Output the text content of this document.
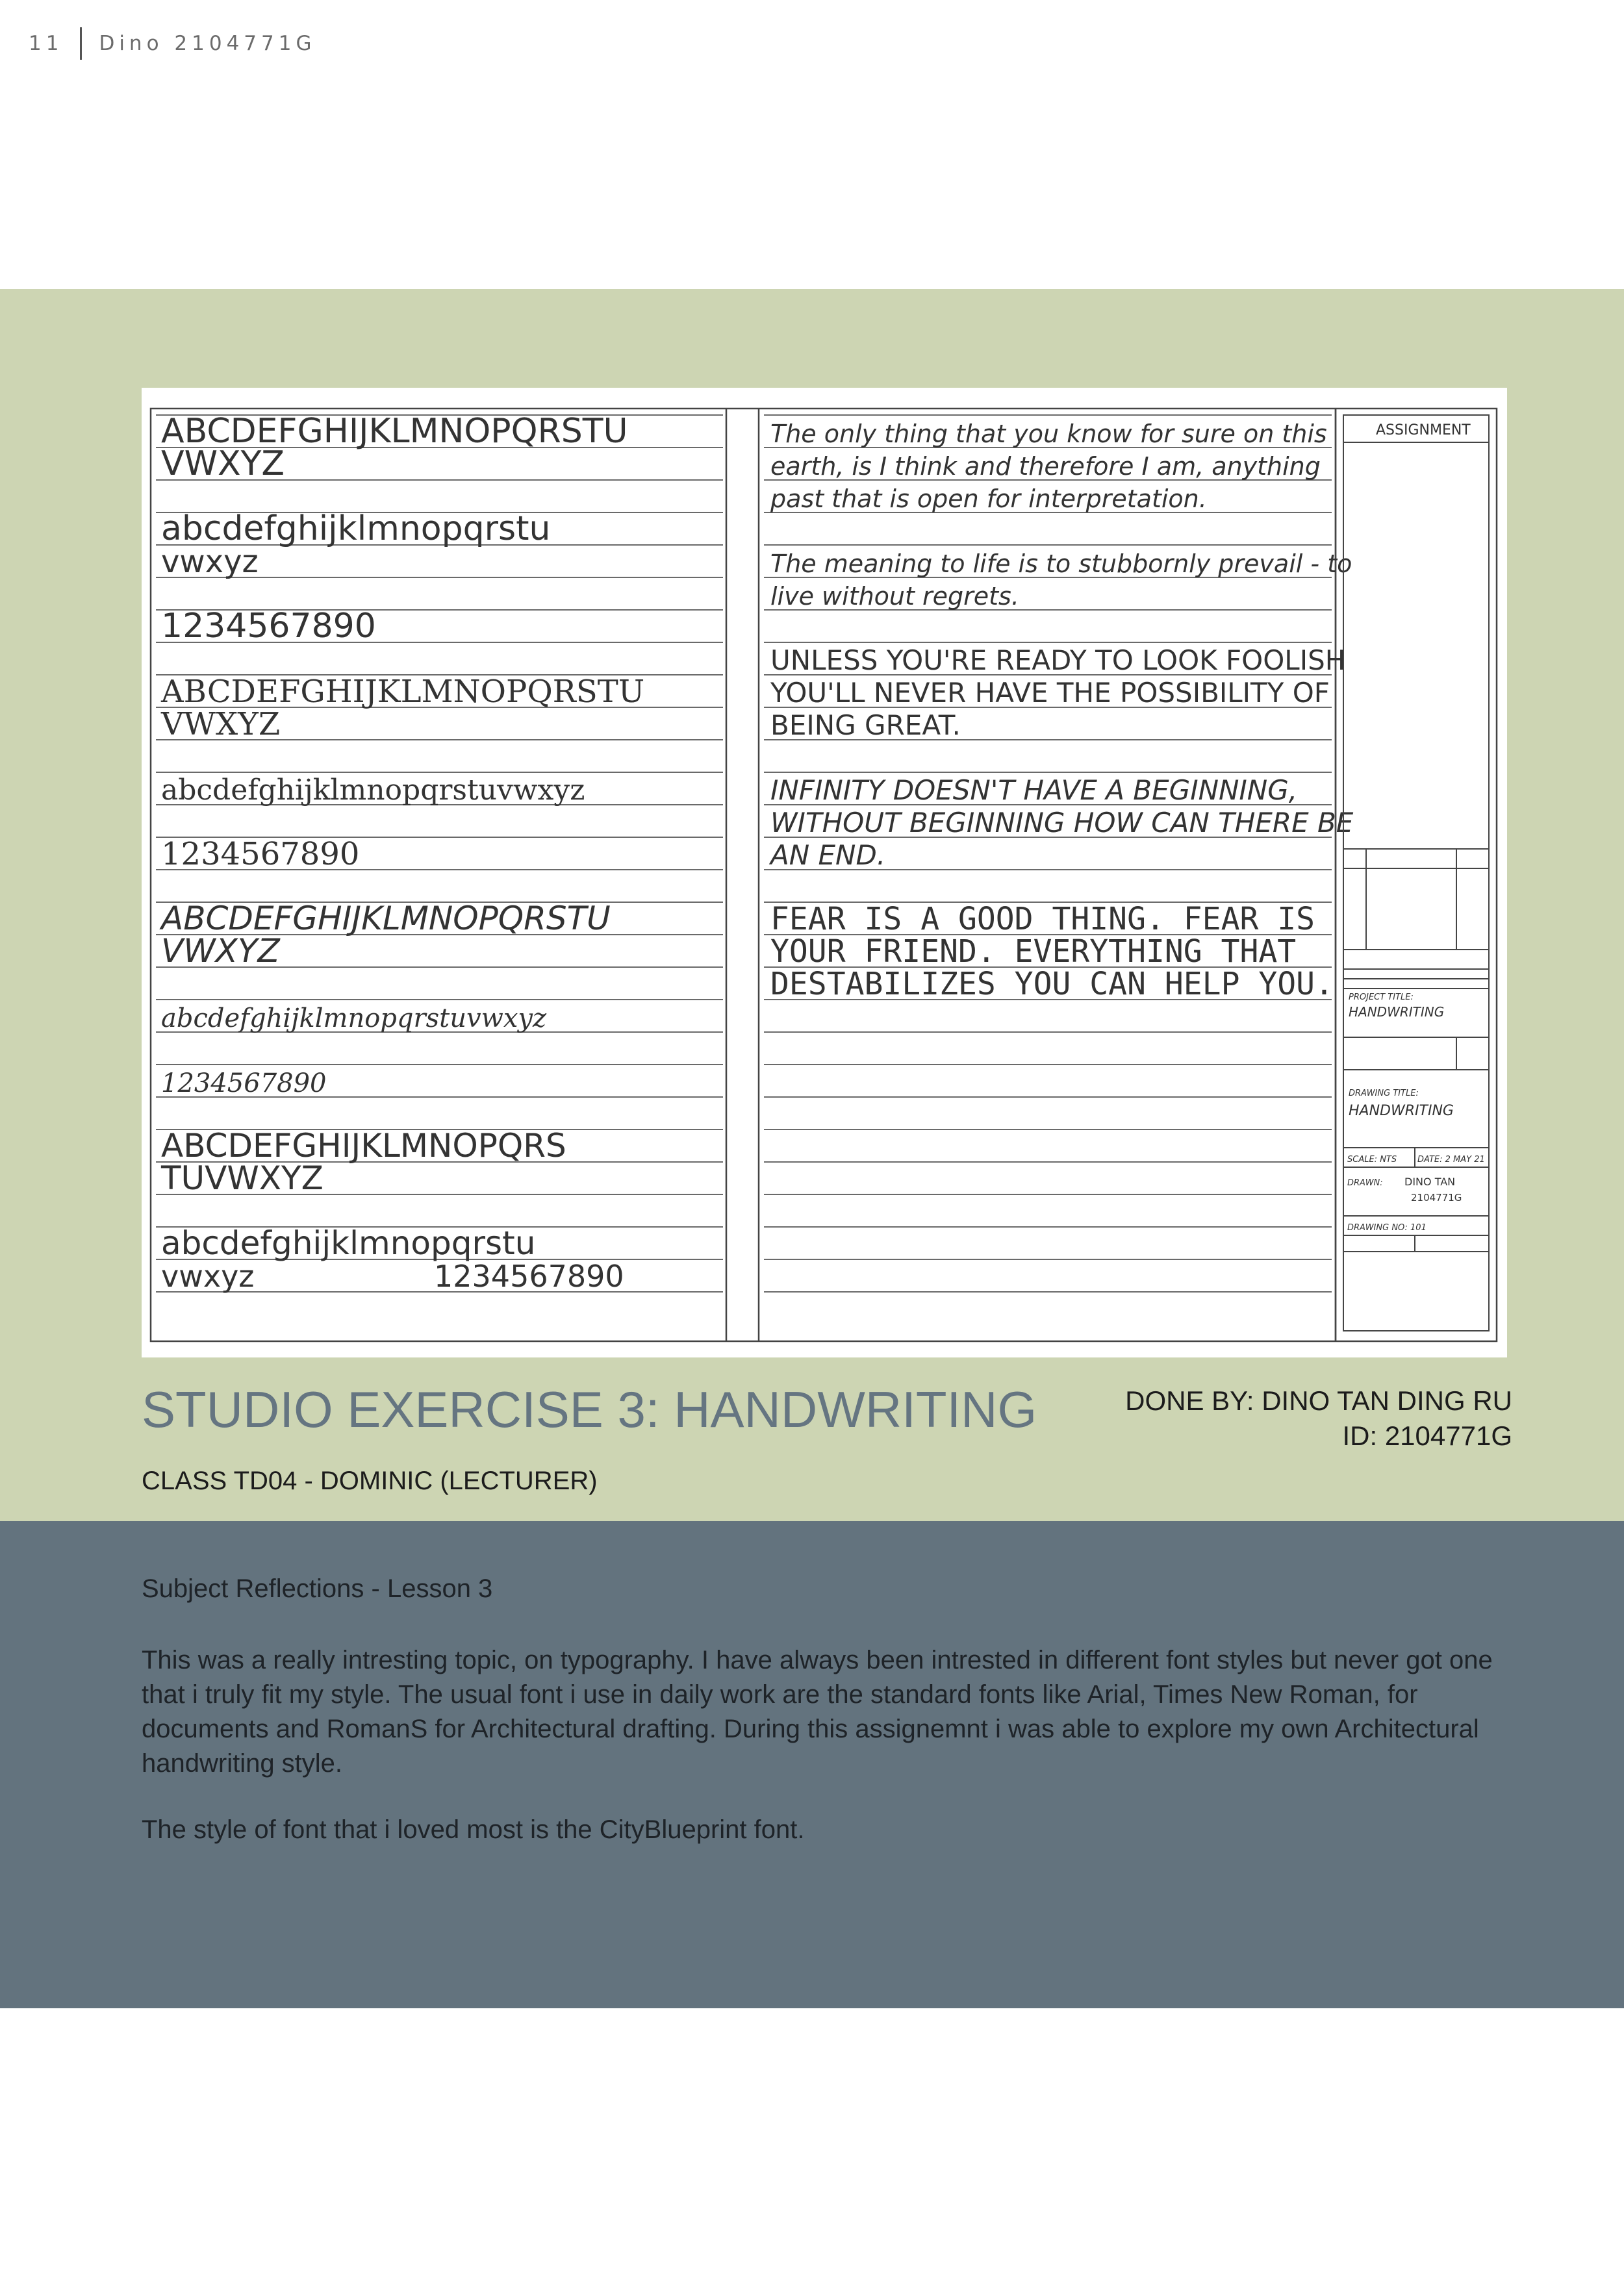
11 Dino 2104771G
ABCDEFGHIJKLMNOPQRSTU
VWXYZ
abcdefghijklmnopqrstu
vwxyz
1234567890
ABCDEFGHIJKLMNOPQRSTU
VWXYZ
abcdefghijklmnopqrstuvwxyz
1234567890
ABCDEFGHIJKLMNOPQRSTU
VWXYZ
abcdefghijklmnopqrstuvwxyz
1234567890
ABCDEFGHIJKLMNOPQRS
TUVWXYZ
abcdefghijklmnopqrstu
vwxyz	1234567890
The only thing that you know for sure on this
earth, is I think and therefore I am, anything
past that is open for interpretation.
The meaning to life is to stubbornly prevail - to
live without regrets.
UNLESS YOU'RE READY TO LOOK FOOLISH
YOU'LL NEVER HAVE THE POSSIBILITY OF
BEING GREAT.
INFINITY DOESN'T HAVE A BEGINNING,
WITHOUT BEGINNING HOW CAN THERE BE
AN END.
FEAR IS A GOOD THING. FEAR IS
YOUR FRIEND. EVERYTHING THAT
DESTABILIZES YOU CAN HELP YOU.
ASSIGNMENT
PROJECT TITLE:
HANDWRITING
DRAWING TITLE:
HANDWRITING
SCALE: NTS DATE: 2 MAY 21
DRAWN: DINO TAN
2104771G
DRAWING NO: 101
STUDIO EXERCISE 3: HANDWRITING
CLASS TD04 - DOMINIC (LECTURER)
DONE BY: DINO TAN DING RU
ID: 2104771G
Subject Reflections - Lesson 3
This was a really intresting topic, on typography. I have always been intrested in different font styles but never got one that i truly fit my style. The usual font i use in daily work are the standard fonts like Arial, Times New Roman, for documents and RomanS for Architectural drafting. During this assignemnt i was able to explore my own Architectural handwriting style.
The style of font that i loved most is the CityBlueprint font.
